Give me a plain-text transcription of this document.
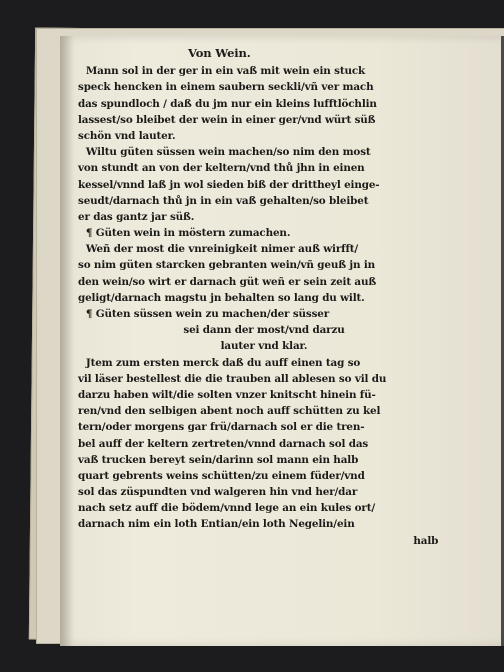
Von Wein.
Mann sol in der ger in ein vaß mit wein ein stuck
speck hencken in einem saubern seckli/vñ ver mach
das spundloch / daß du jm nur ein kleins lufftlöchlin
lassest/so bleibet der wein in einer ger/vnd würt süß
schön vnd lauter.
Wiltu güten süssen wein machen/so nim den most
von stundt an von der keltern/vnd thů jhn in einen
kessel/vnnd laß jn wol sieden biß der drittheyl einge-
seudt/darnach thů jn in ein vaß gehalten/so bleibet
er das gantz jar süß.
¶ Güten wein in möstern zumachen.
Weñ der most die vnreinigkeit nimer auß wirfft/
so nim güten starcken gebranten wein/vñ geuß jn in
den wein/so wirt er darnach güt weñ er sein zeit auß
geligt/darnach magstu jn behalten so lang du wilt.
¶ Güten süssen wein zu machen/der süsser
sei dann der most/vnd darzu
lauter vnd klar.
Jtem zum ersten merck daß du auff einen tag so
vil läser bestellest die die trauben all ablesen so vil du
darzu haben wilt/die solten vnzer knitscht hinein fü-
ren/vnd den selbigen abent noch auff schütten zu kel
tern/oder morgens gar frü/darnach sol er die tren-
bel auff der keltern zertreten/vnnd darnach sol das
vaß trucken bereyt sein/darinn sol mann ein halb
quart gebrents weins schütten/zu einem füder/vnd
sol das züspundten vnd walgeren hin vnd her/dar
nach setz auff die bödem/vnnd lege an ein kules ort/
darnach nim ein loth Entian/ein loth Negelin/ein
halb
